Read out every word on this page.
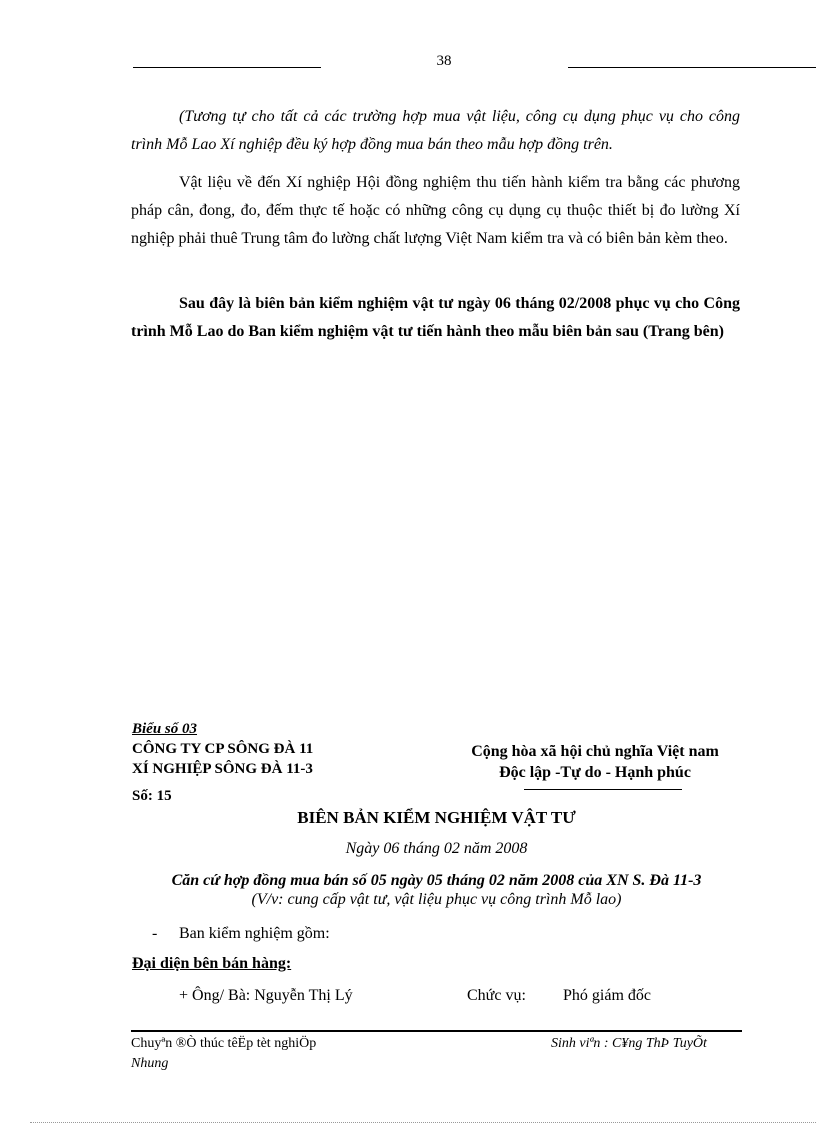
38
(Tương tự cho tất cả các trường hợp mua vật liệu, công cụ dụng phục vụ cho công trình Mỗ Lao Xí nghiệp đều ký hợp đồng mua bán theo mẫu hợp đồng trên.
Vật liệu về đến Xí nghiệp Hội đồng nghiệm thu tiến hành kiểm tra bằng các phương pháp cân, đong, đo, đếm thực tế hoặc có những công cụ dụng cụ thuộc thiết bị đo lường Xí nghiệp phải thuê Trung tâm đo lường chất lượng Việt Nam kiểm tra và có biên bản kèm theo.
Sau đây là biên bản kiểm nghiệm vật tư ngày 06 tháng 02/2008 phục vụ cho Công trình Mỗ Lao do Ban kiểm nghiệm vật tư tiến hành theo mẫu biên bản sau (Trang bên)
Biểu số 03
CÔNG TY CP SÔNG ĐÀ 11
XÍ NGHIỆP SÔNG ĐÀ 11-3
Số: 15
Cộng hòa xã hội chủ nghĩa Việt nam
Độc lập -Tự do - Hạnh phúc
BIÊN BẢN KIỂM NGHIỆM VẬT TƯ
Ngày 06 tháng 02 năm 2008
Căn cứ hợp đồng mua bán số 05 ngày 05 tháng 02 năm 2008 của XN S. Đà 11-3
(V/v: cung cấp vật tư, vật liệu phục vụ công trình Mỗ lao)
- Ban kiểm nghiệm gồm:
Đại diện bên bán hàng:
+ Ông/ Bà: Nguyễn Thị Lý	Chức vụ: Phó giám đốc
Chuyªn ®Ò thúc têËp tèt nghiÖp
Nhung
Sinh viªn : C¥ng ThÞ TuyÕt
